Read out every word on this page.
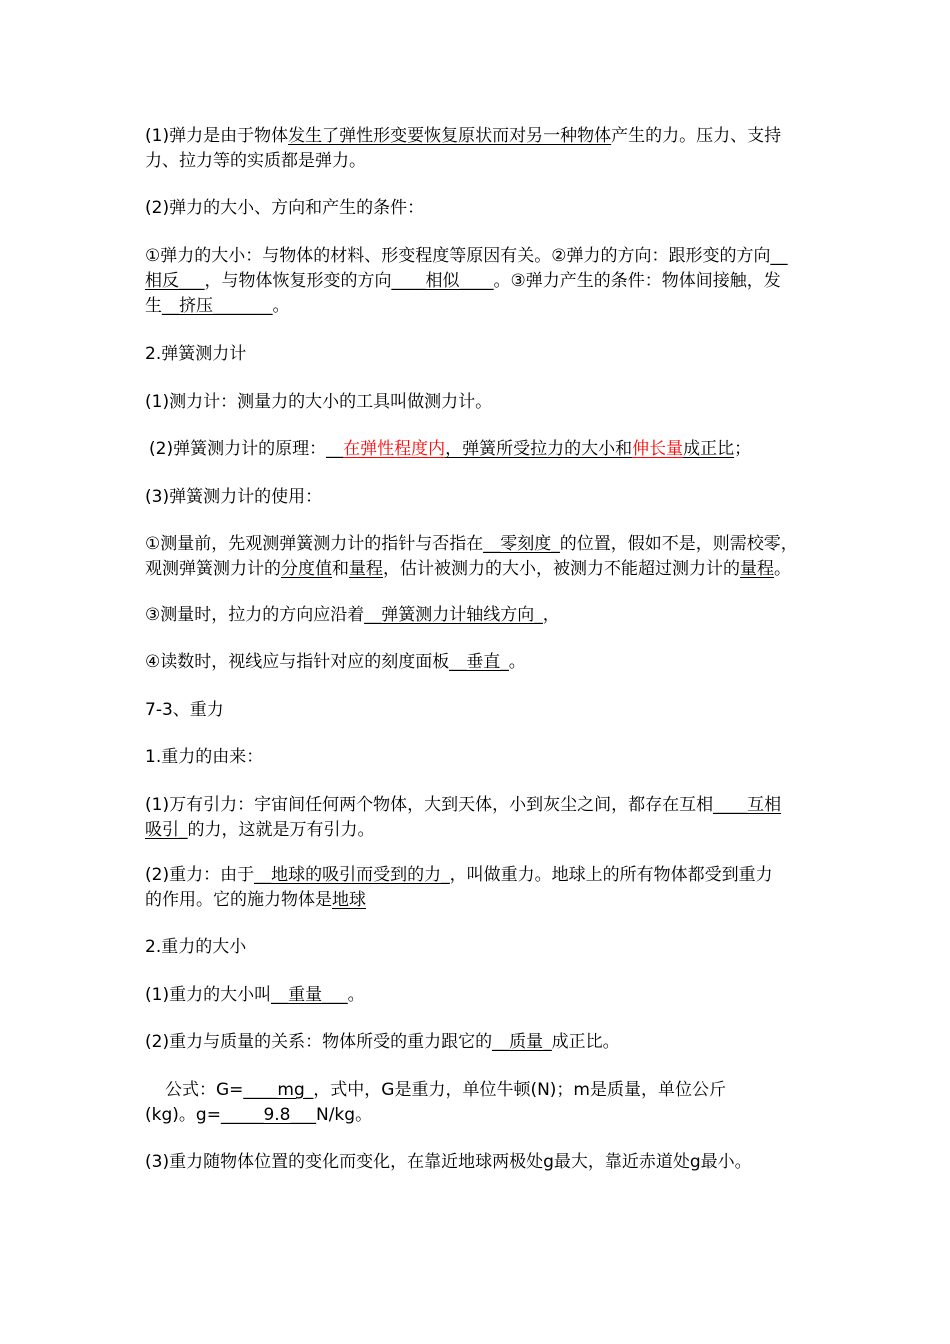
(1)弹力是由于物体发生了弹性形变要恢复原状而对另一种物体产生的力。压力、支持
力、拉力等的实质都是弹力。
(2)弹力的大小、方向和产生的条件：
①弹力的大小：与物体的材料、形变程度等原因有关。②弹力的方向：跟形变的方向__
相反___，与物体恢复形变的方向____相似____。③弹力产生的条件：物体间接触，发
生__挤压_______。
2.弹簧测力计
(1)测力计：测量力的大小的工具叫做测力计。
(2)弹簧测力计的原理：__在弹性程度内，弹簧所受拉力的大小和伸长量成正比；
(3)弹簧测力计的使用：
①测量前，先观测弹簧测力计的指针与否指在__零刻度_的位置，假如不是，则需校零，
观测弹簧测力计的分度值和量程，估计被测力的大小，被测力不能超过测力计的量程。
③测量时，拉力的方向应沿着__弹簧测力计轴线方向_，
④读数时，视线应与指针对应的刻度面板__垂直_。
7-3、重力
1.重力的由来：
(1)万有引力：宇宙间任何两个物体，大到天体，小到灰尘之间，都存在互相____互相
吸引_的力，这就是万有引力。
(2)重力：由于__地球的吸引而受到的力_，叫做重力。地球上的所有物体都受到重力
的作用。它的施力物体是地球
2.重力的大小
(1)重力的大小叫__重量___。
(2)重力与质量的关系：物体所受的重力跟它的__质量_成正比。
公式：G=____mg_，式中，G是重力，单位牛顿(N)；m是质量，单位公斤
(kg)。g=_____9.8___N/kg。
(3)重力随物体位置的变化而变化，在靠近地球两极处g最大，靠近赤道处g最小。
